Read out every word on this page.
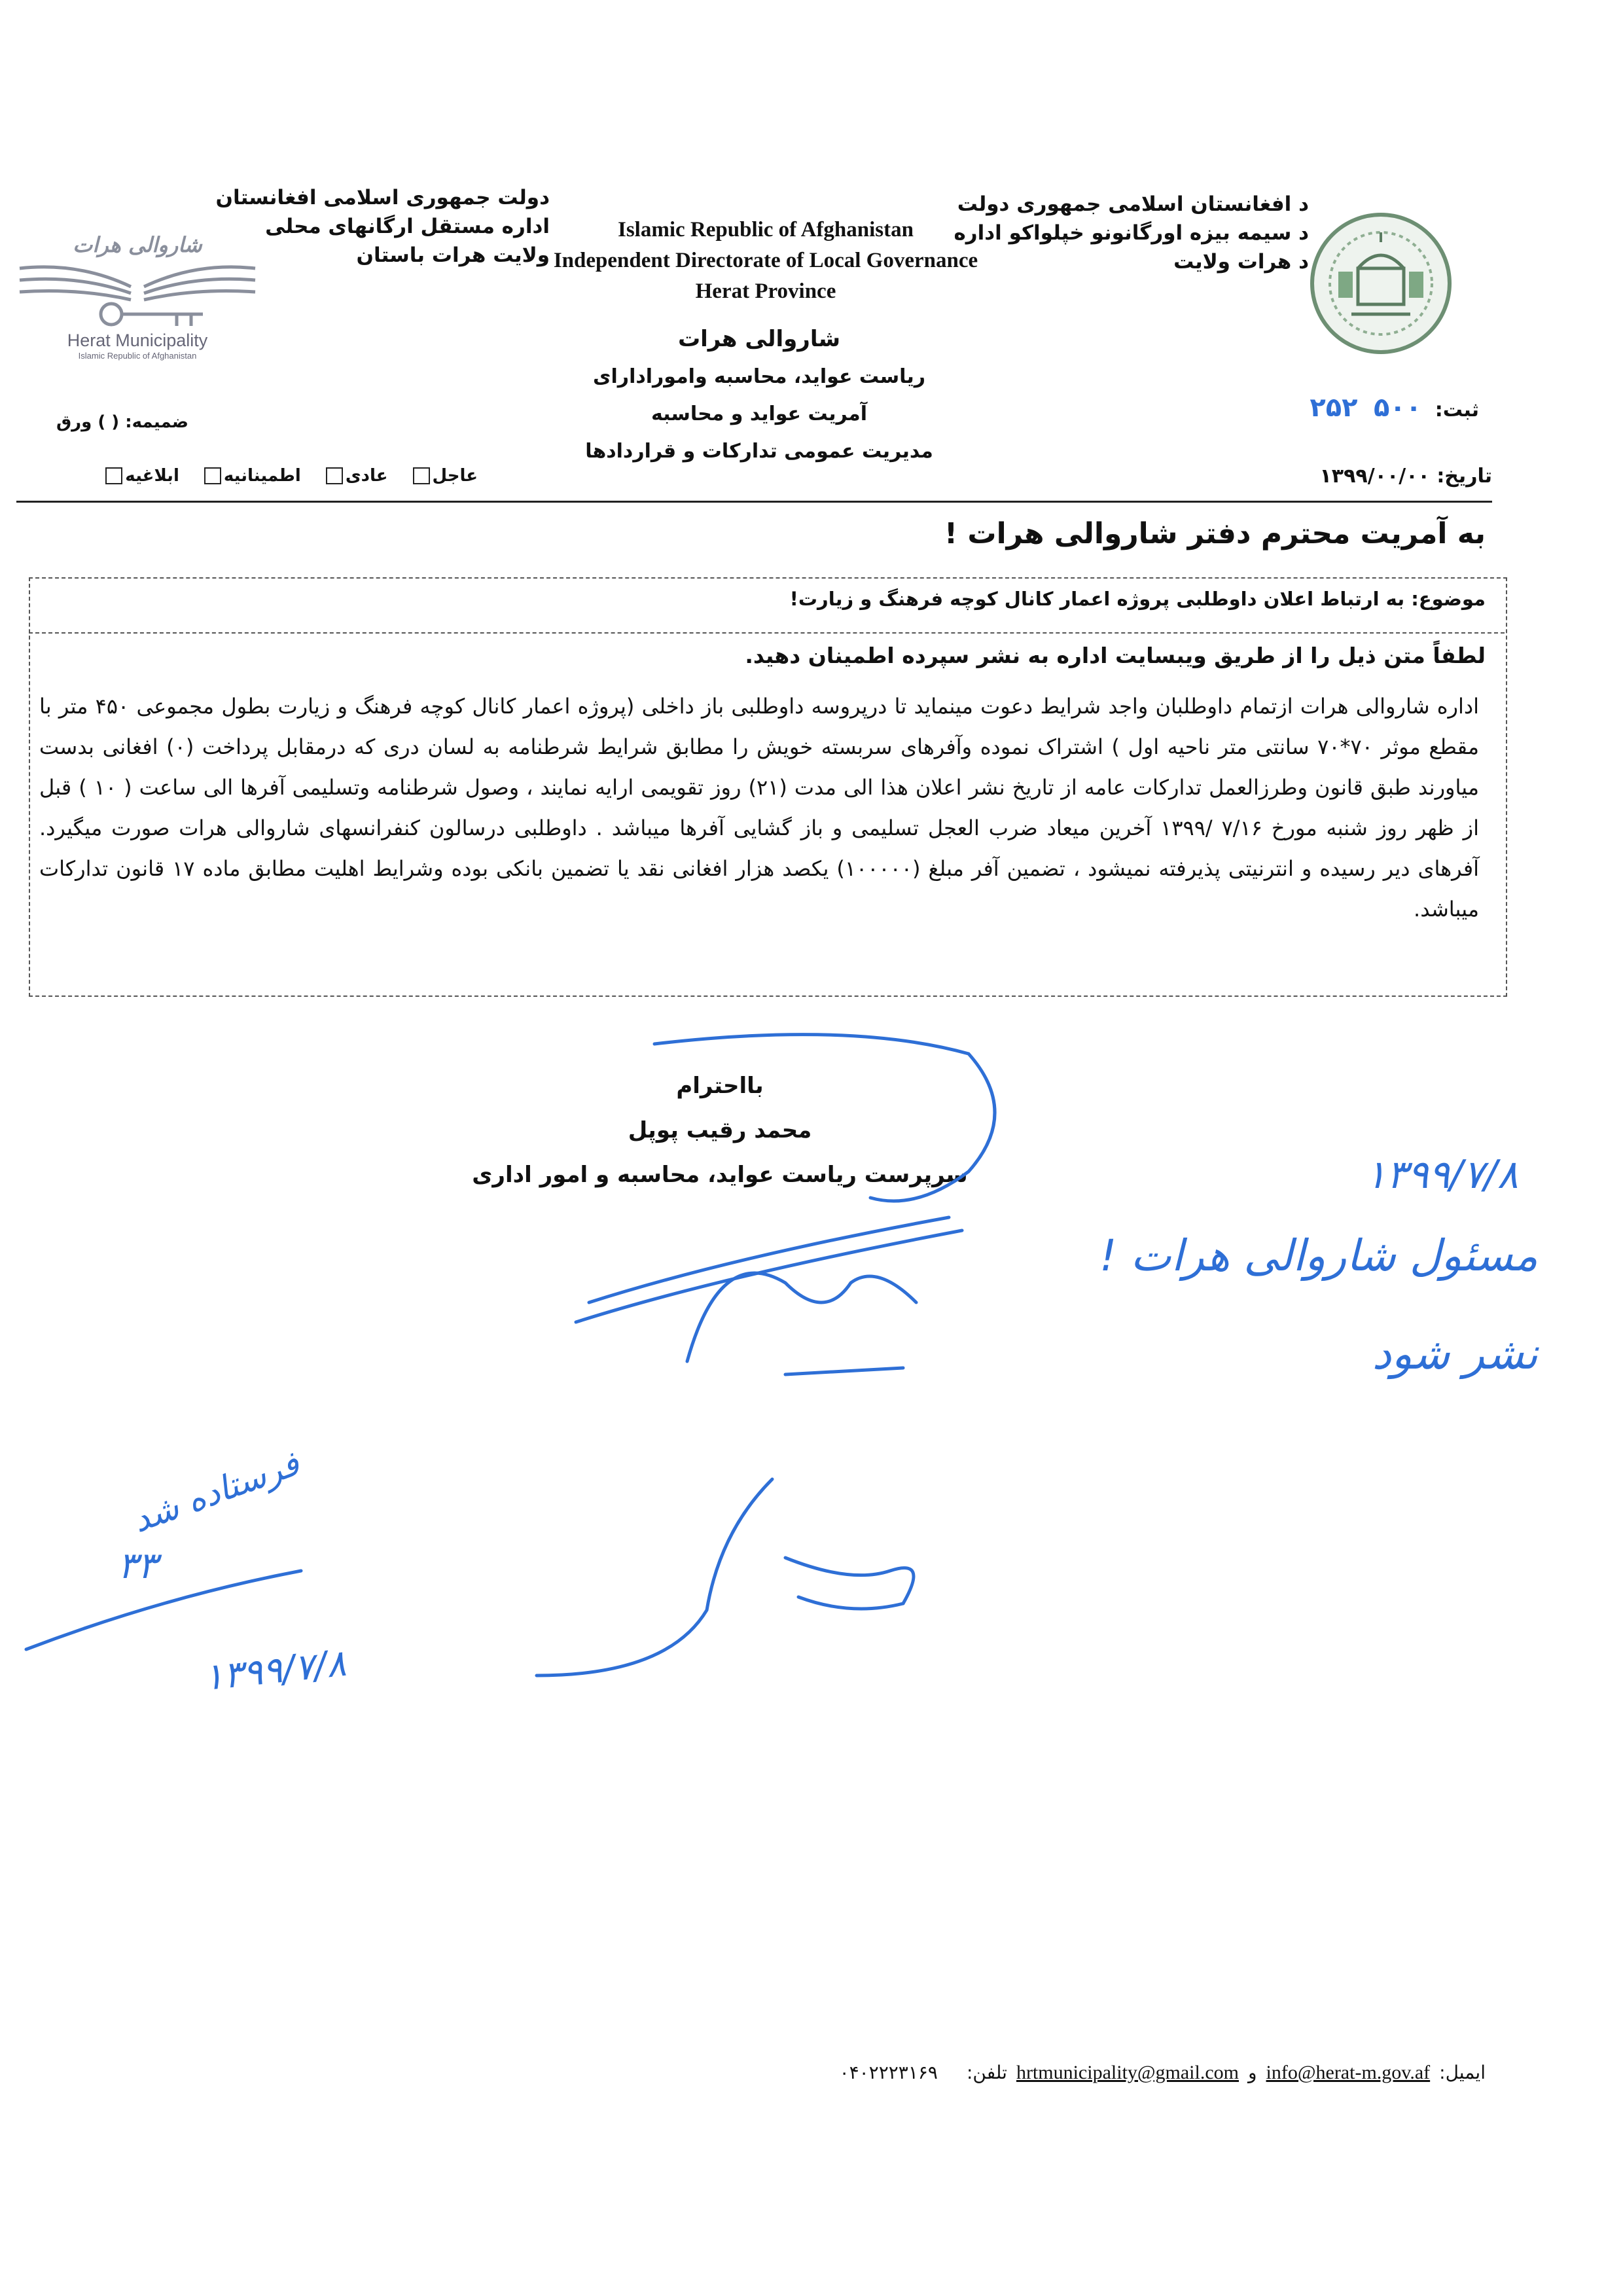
شاروالی هرات
Herat Municipality
Islamic Republic of Afghanistan
دولت جمهوری اسلامی افغانستان
اداره مستقل ارگانهای محلی
ولایت هرات باستان
Islamic Republic of Afghanistan
Independent Directorate of Local Governance
Herat Province
د افغانستان اسلامی جمهوری دولت
د سیمه بیزه اورگانونو خپلواکو اداره
د هرات ولایت
شاروالی هرات
ریاست عواید، محاسبه وامورادارای
آمریت عواید و محاسبه
مدیریت عمومی تدارکات و قراردادها
ثبت: ۵۰۰ ۲۵۲
تاریخ: ۱۳۹۹/۰۰/۰۰
ضمیمه: ( ) ورق
عاجل
عادی
اطمینانیه
ابلاغیه
به آمریت محترم دفتر شاروالی هرات !
موضوع: به ارتباط اعلان داوطلبی پروژه اعمار کانال کوچه فرهنگ و زیارت!
لطفاً متن ذیل را از طریق ویبسایت اداره به نشر سپرده اطمینان دهید.

اداره شاروالی هرات ازتمام داوطلبان واجد شرایط دعوت مینماید تا درپروسه داوطلبی باز داخلی (پروژه اعمار کانال کوچه فرهنگ و زیارت بطول مجموعی ۴۵۰ متر با مقطع موثر ۷۰*۷۰ سانتی متر ناحیه اول ) اشتراک نموده وآفرهای سربسته خویش را مطابق شرایط شرطنامه به لسان دری که درمقابل پرداخت (۰) افغانی بدست میاورند طبق قانون وطرزالعمل تدارکات عامه از تاریخ نشر اعلان هذا الی مدت (۲۱) روز تقویمی ارایه نمایند ، وصول شرطنامه وتسلیمی آفرها الی ساعت ( ۱۰ ) قبل از ظهر روز شنبه مورخ ۷/۱۶ /۱۳۹۹ آخرین میعاد ضرب العجل تسلیمی و باز گشایی آفرها میباشد . داوطلبی درسالون کنفرانسهای شاروالی هرات صورت میگیرد. آفرهای دیر رسیده و انترنیتی پذیرفته نمیشود ، تضمین آفر مبلغ (۱۰۰۰۰۰) یکصد هزار افغانی نقد یا تضمین بانکی بوده وشرایط اهلیت مطابق ماده ۱۷ قانون تدارکات میباشد.

بااحترام
محمد رقیب پوپل
سرپرست ریاست عواید، محاسبه و امور اداری	۱۳۹۹/۷/۸
مسئول شاروالی هرات !
نشر شود
فرستاده شد
۳۳
۱۳۹۹/۷/۸
ایمیل:
info@herat-m.gov.af
و
hrtmunicipality@gmail.com
تلفن:
۰۴۰۲۲۲۳۱۶۹
